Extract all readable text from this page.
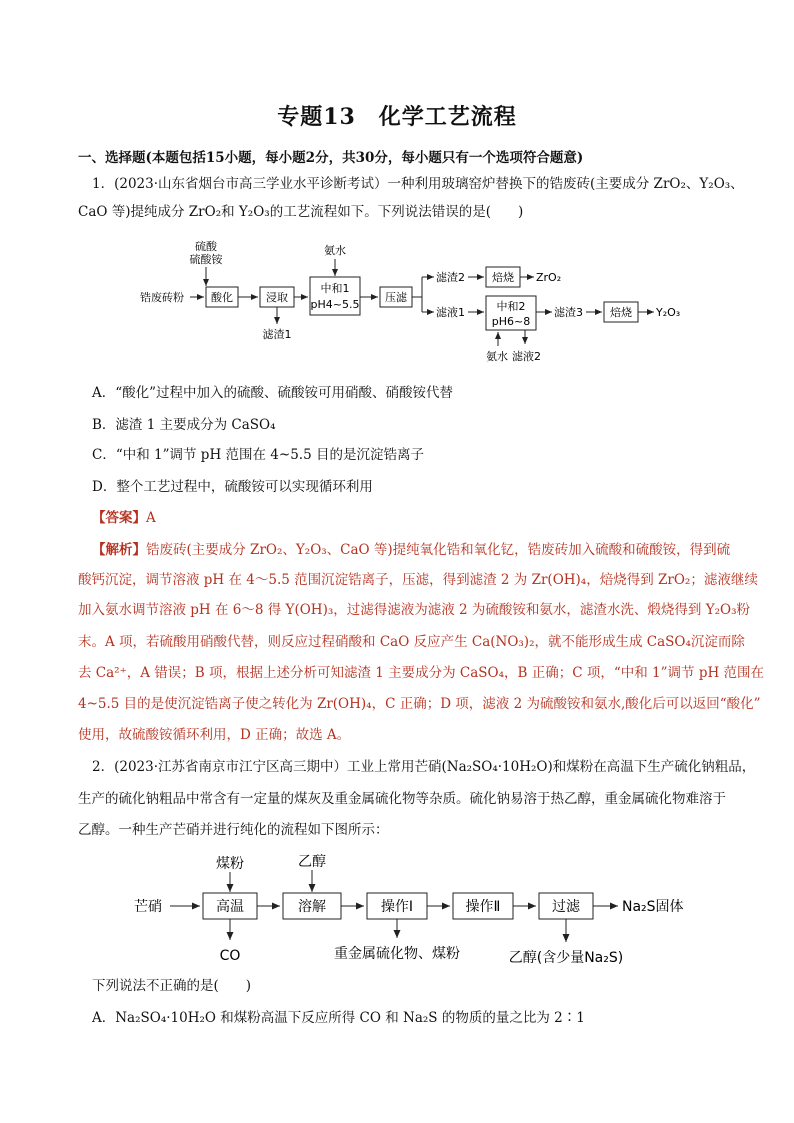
专题13　化学工艺流程
一、选择题(本题包括15小题，每小题2分，共30分，每小题只有一个选项符合题意)
1．(2023·山东省烟台市高三学业水平诊断考试）一种利用玻璃窑炉替换下的锆废砖(主要成分 ZrO₂、Y₂O₃、
CaO 等)提纯成分 ZrO₂和 Y₂O₃的工艺流程如下。下列说法错误的是(　　)
硫酸
硫酸铵
锆废砖粉 酸化	浸取
滤渣1
氨水
中和1
pH4~5.5
压滤
滤渣2 焙烧 ZrO₂
滤液1	中和2
pH6~8
氨水 滤液2
滤渣3 焙烧 Y₂O₃
A．“酸化”过程中加入的硫酸、硫酸铵可用硝酸、硝酸铵代替
B．滤渣 1 主要成分为 CaSO₄
C．“中和 1”调节 pH 范围在 4~5.5 目的是沉淀锆离子
D．整个工艺过程中，硫酸铵可以实现循环利用
【答案】A
【解析】锆废砖(主要成分 ZrO₂、Y₂O₃、CaO 等)提纯氧化锆和氧化钇，锆废砖加入硫酸和硫酸铵，得到硫
酸钙沉淀，调节溶液 pH 在 4～5.5 范围沉淀锆离子，压滤，得到滤渣 2 为 Zr(OH)₄，焙烧得到 ZrO₂；滤液继续
加入氨水调节溶液 pH 在 6～8 得 Y(OH)₃，过滤得滤液为滤液 2 为硫酸铵和氨水，滤渣水洗、煅烧得到 Y₂O₃粉
末。A 项，若硫酸用硝酸代替，则反应过程硝酸和 CaO 反应产生 Ca(NO₃)₂，就不能形成生成 CaSO₄沉淀而除
去 Ca²⁺，A 错误；B 项，根据上述分析可知滤渣 1 主要成分为 CaSO₄，B 正确；C 项，“中和 1”调节 pH 范围在
4~5.5 目的是使沉淀锆离子使之转化为 Zr(OH)₄，C 正确；D 项，滤液 2 为硫酸铵和氨水,酸化后可以返回“酸化”
使用，故硫酸铵循环利用，D 正确；故选 A。
2．(2023·江苏省南京市江宁区高三期中）工业上常用芒硝(Na₂SO₄·10H₂O)和煤粉在高温下生产硫化钠粗品，
生产的硫化钠粗品中常含有一定量的煤灰及重金属硫化物等杂质。硫化钠易溶于热乙醇，重金属硫化物难溶于
乙醇。一种生产芒硝并进行纯化的流程如下图所示：
煤粉	乙醇
芒硝	高温
CO
溶解	操作Ⅰ
重金属硫化物、煤粉
操作Ⅱ	过滤
乙醇(含少量Na₂S)
Na₂S固体
下列说法不正确的是(　　)
A．Na₂SO₄·10H₂O 和煤粉高温下反应所得 CO 和 Na₂S 的物质的量之比为 2∶1
